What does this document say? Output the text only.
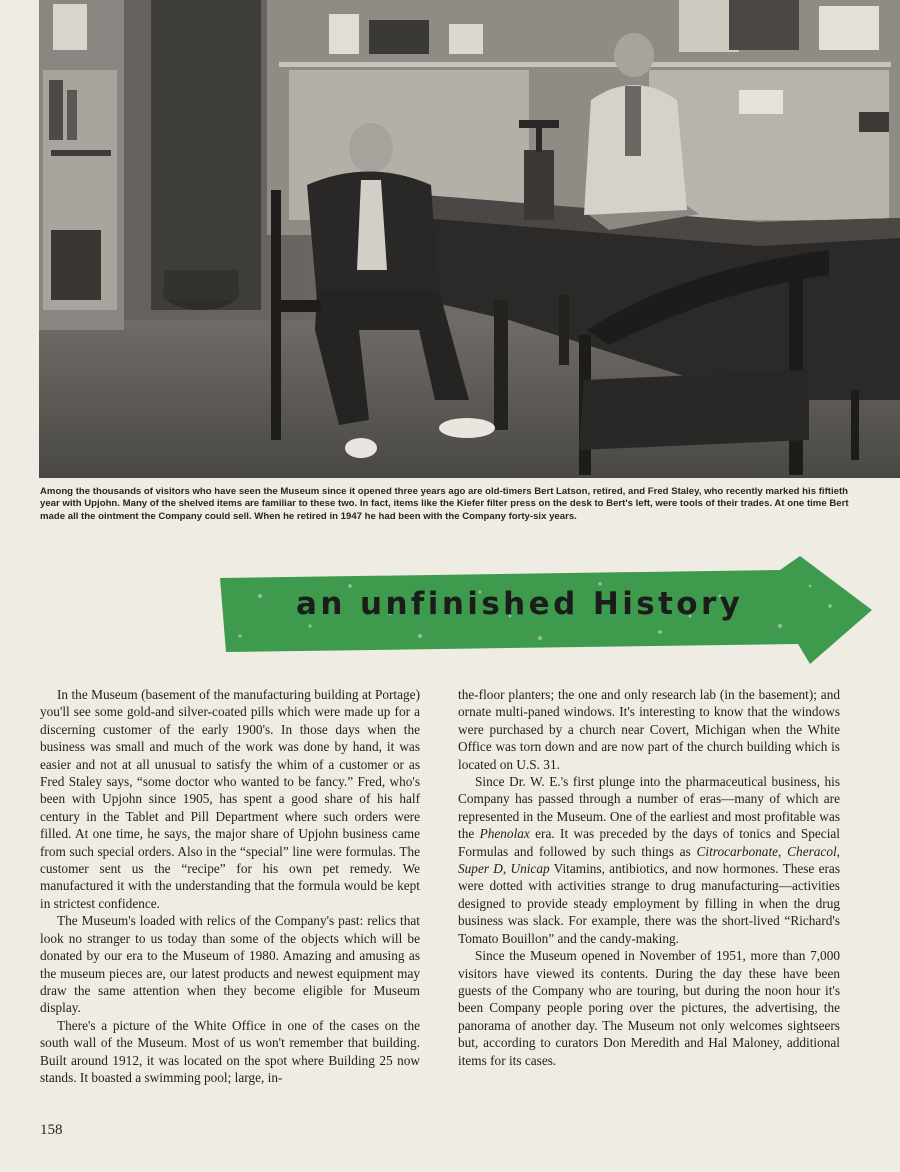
Among the thousands of visitors who have seen the Museum since it opened three years ago are old-timers Bert Latson, retired, and Fred Staley, who recently marked his fiftieth year with Upjohn. Many of the shelved items are familiar to these two. In fact, items like the Kiefer filter press on the desk to Bert's left, were tools of their trades. At one time Bert made all the ointment the Company could sell. When he retired in 1947 he had been with the Company forty-six years.

an unfinished History

In the Museum (basement of the manufacturing building at Portage) you'll see some gold-and silver-coated pills which were made up for a discerning customer of the early 1900's. In those days when the business was small and much of the work was done by hand, it was easier and not at all unusual to satisfy the whim of a customer or as Fred Staley says, “some doctor who wanted to be fancy.” Fred, who's been with Upjohn since 1905, has spent a good share of his half century in the Tablet and Pill Department where such orders were filled. At one time, he says, the major share of Upjohn business came from such special orders. Also in the “special” line were formulas. The customer sent us the “recipe” for his own pet remedy. We manufactured it with the understanding that the formula would be kept in strictest confidence.

The Museum's loaded with relics of the Company's past: relics that look no stranger to us today than some of the objects which will be donated by our era to the Museum of 1980. Amazing and amusing as the museum pieces are, our latest products and newest equipment may draw the same attention when they become eligible for Museum display.

There's a picture of the White Office in one of the cases on the south wall of the Museum. Most of us won't remember that building. Built around 1912, it was located on the spot where Building 25 now stands. It boasted a swimming pool; large, in-

the-floor planters; the one and only research lab (in the basement); and ornate multi-paned windows. It's interesting to know that the windows were purchased by a church near Covert, Michigan when the White Office was torn down and are now part of the church building which is located on U.S. 31.

Since Dr. W. E.'s first plunge into the pharmaceutical business, his Company has passed through a number of eras—many of which are represented in the Museum. One of the earliest and most profitable was the Phenolax era. It was preceded by the days of tonics and Special Formulas and followed by such things as Citrocarbonate, Cheracol, Super D, Unicap Vitamins, antibiotics, and now hormones. These eras were dotted with activities strange to drug manufacturing—activities designed to provide steady employment by filling in when the drug business was slack. For example, there was the short-lived “Richard's Tomato Bouillon” and the candy-making.

Since the Museum opened in November of 1951, more than 7,000 visitors have viewed its contents. During the day these have been guests of the Company who are touring, but during the noon hour it's been Company people poring over the pictures, the advertising, the panorama of another day. The Museum not only welcomes sightseers but, according to curators Don Meredith and Hal Maloney, additional items for its cases.

158
